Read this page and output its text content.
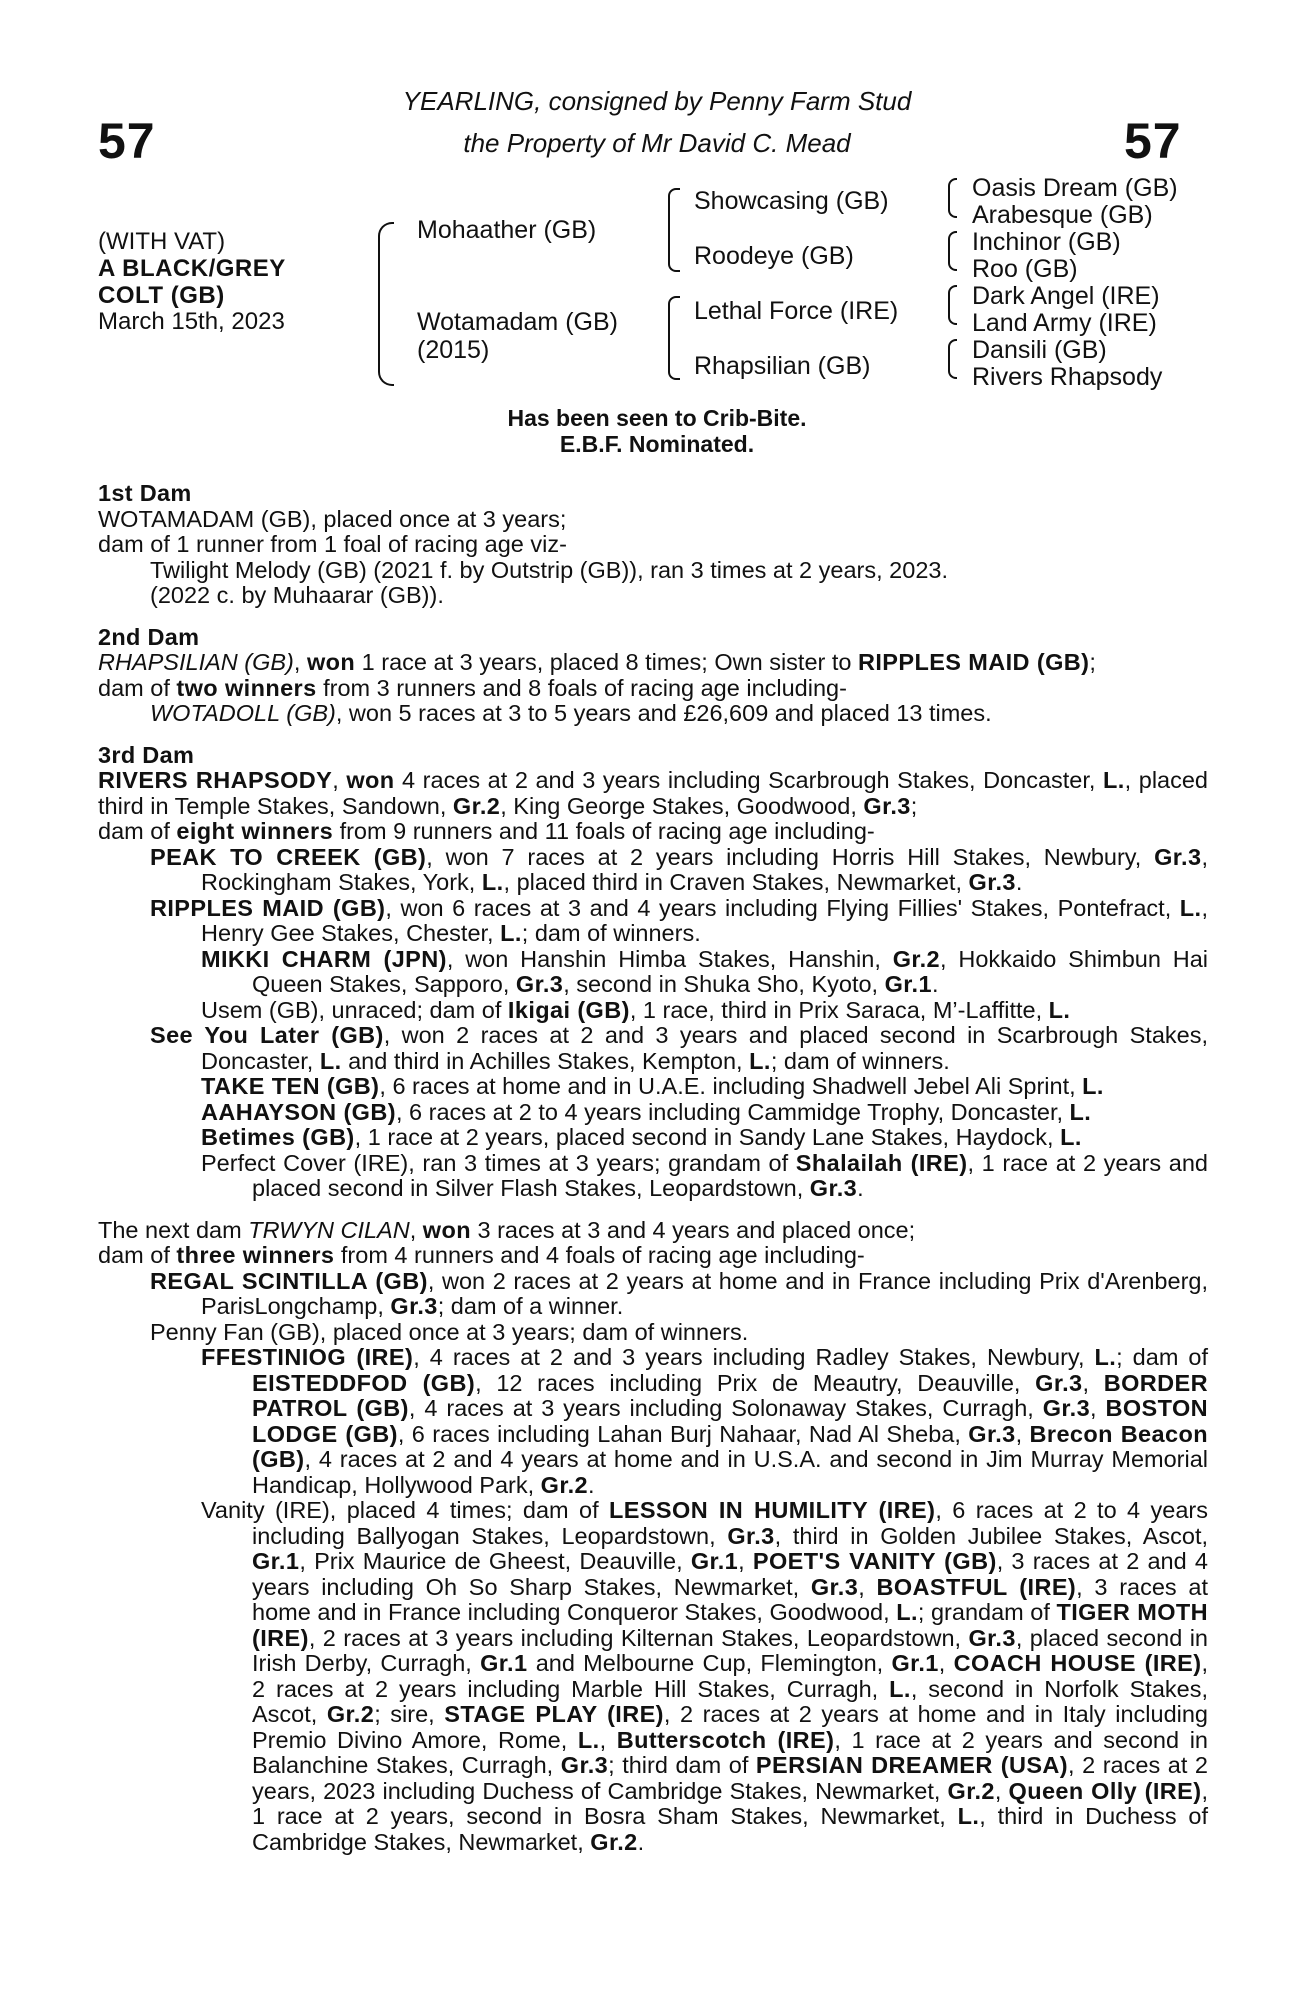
57	57
YEARLING, consigned by Penny Farm Stud
the Property of Mr David C. Mead
(WITH VAT)
A BLACK/GREY
COLT (GB)
March 15th, 2023
Mohaather (GB)
Wotamadam (GB)
(2015)
Showcasing (GB)
Roodeye (GB)
Lethal Force (IRE)
Rhapsilian (GB)
Oasis Dream (GB)
Arabesque (GB)
Inchinor (GB)
Roo (GB)
Dark Angel (IRE)
Land Army (IRE)
Dansili (GB)
Rivers Rhapsody
Has been seen to Crib-Bite.
E.B.F. Nominated.

1st Dam

WOTAMADAM (GB), placed once at 3 years;

dam of 1 runner from 1 foal of racing age viz-

Twilight Melody (GB) (2021 f. by Outstrip (GB)), ran 3 times at 2 years, 2023.

(2022 c. by Muhaarar (GB)).

2nd Dam

RHAPSILIAN (GB), won 1 race at 3 years, placed 8 times; Own sister to RIPPLES MAID (GB);

dam of two winners from 3 runners and 8 foals of racing age including-

WOTADOLL (GB), won 5 races at 3 to 5 years and £26,609 and placed 13 times.

3rd Dam

RIVERS RHAPSODY, won 4 races at 2 and 3 years including Scarbrough Stakes, Doncaster, L., placed third in Temple Stakes, Sandown, Gr.2, King George Stakes, Goodwood, Gr.3;

dam of eight winners from 9 runners and 11 foals of racing age including-

PEAK TO CREEK (GB), won 7 races at 2 years including Horris Hill Stakes, Newbury, Gr.3, Rockingham Stakes, York, L., placed third in Craven Stakes, Newmarket, Gr.3.

RIPPLES MAID (GB), won 6 races at 3 and 4 years including Flying Fillies' Stakes, Pontefract, L., Henry Gee Stakes, Chester, L.; dam of winners.

MIKKI CHARM (JPN), won Hanshin Himba Stakes, Hanshin, Gr.2, Hokkaido Shimbun Hai Queen Stakes, Sapporo, Gr.3, second in Shuka Sho, Kyoto, Gr.1.

Usem (GB), unraced; dam of Ikigai (GB), 1 race, third in Prix Saraca, M’-Laffitte, L.

See You Later (GB), won 2 races at 2 and 3 years and placed second in Scarbrough Stakes, Doncaster, L. and third in Achilles Stakes, Kempton, L.; dam of winners.

TAKE TEN (GB), 6 races at home and in U.A.E. including Shadwell Jebel Ali Sprint, L.

AAHAYSON (GB), 6 races at 2 to 4 years including Cammidge Trophy, Doncaster, L.

Betimes (GB), 1 race at 2 years, placed second in Sandy Lane Stakes, Haydock, L.

Perfect Cover (IRE), ran 3 times at 3 years; grandam of Shalailah (IRE), 1 race at 2 years and placed second in Silver Flash Stakes, Leopardstown, Gr.3.

The next dam TRWYN CILAN, won 3 races at 3 and 4 years and placed once;

dam of three winners from 4 runners and 4 foals of racing age including-

REGAL SCINTILLA (GB), won 2 races at 2 years at home and in France including Prix d'Arenberg, ParisLongchamp, Gr.3; dam of a winner.

Penny Fan (GB), placed once at 3 years; dam of winners.

FFESTINIOG (IRE), 4 races at 2 and 3 years including Radley Stakes, Newbury, L.; dam of EISTEDDFOD (GB), 12 races including Prix de Meautry, Deauville, Gr.3, BORDER PATROL (GB), 4 races at 3 years including Solonaway Stakes, Curragh, Gr.3, BOSTON LODGE (GB), 6 races including Lahan Burj Nahaar, Nad Al Sheba, Gr.3, Brecon Beacon (GB), 4 races at 2 and 4 years at home and in U.S.A. and second in Jim Murray Memorial Handicap, Hollywood Park, Gr.2.

Vanity (IRE), placed 4 times; dam of LESSON IN HUMILITY (IRE), 6 races at 2 to 4 years including Ballyogan Stakes, Leopardstown, Gr.3, third in Golden Jubilee Stakes, Ascot, Gr.1, Prix Maurice de Gheest, Deauville, Gr.1, POET'S VANITY (GB), 3 races at 2 and 4 years including Oh So Sharp Stakes, Newmarket, Gr.3, BOASTFUL (IRE), 3 races at home and in France including Conqueror Stakes, Goodwood, L.; grandam of TIGER MOTH (IRE), 2 races at 3 years including Kilternan Stakes, Leopardstown, Gr.3, placed second in Irish Derby, Curragh, Gr.1 and Melbourne Cup, Flemington, Gr.1, COACH HOUSE (IRE), 2 races at 2 years including Marble Hill Stakes, Curragh, L., second in Norfolk Stakes, Ascot, Gr.2; sire, STAGE PLAY (IRE), 2 races at 2 years at home and in Italy including Premio Divino Amore, Rome, L., Butterscotch (IRE), 1 race at 2 years and second in Balanchine Stakes, Curragh, Gr.3; third dam of PERSIAN DREAMER (USA), 2 races at 2 years, 2023 including Duchess of Cambridge Stakes, Newmarket, Gr.2, Queen Olly (IRE), 1 race at 2 years, second in Bosra Sham Stakes, Newmarket, L., third in Duchess of Cambridge Stakes, Newmarket, Gr.2.
